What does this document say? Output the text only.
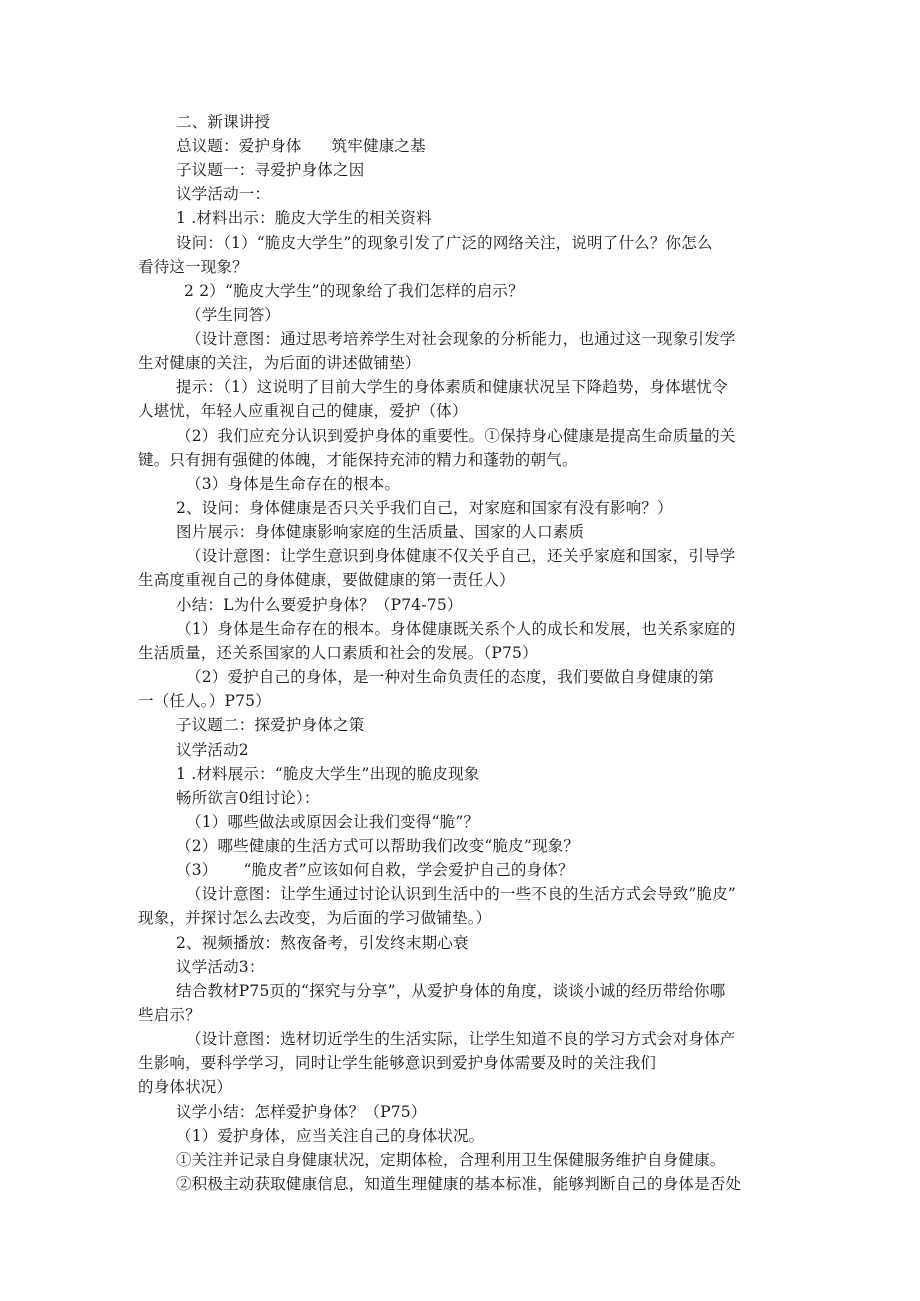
二、新课讲授
总议题：爱护身体 筑牢健康之基
子议题一：寻爱护身体之因
议学活动一：
1 .材料出示：脆皮大学生的相关资料
设问：（1）“脆皮大学生”的现象引发了广泛的网络关注，说明了什么？你怎么
看待这一现象？
2 2）“脆皮大学生”的现象给了我们怎样的启示？
（学生同答）
（设计意图：通过思考培养学生对社会现象的分析能力，也通过这一现象引发学
生对健康的关注，为后面的讲述做铺垫）
提示：（1）这说明了目前大学生的身体素质和健康状况呈下降趋势，身体堪忧令
人堪忧，年轻人应重视自己的健康，爱护（体）
（2）我们应充分认识到爱护身体的重要性。①保持身心健康是提高生命质量的关
键。只有拥有强健的体魄，才能保持充沛的精力和蓬勃的朝气。
（3）身体是生命存在的根本。
2、设问：身体健康是否只关乎我们自己，对家庭和国家有没有影响？）
图片展示：身体健康影响家庭的生活质量、国家的人口素质
（设计意图：让学生意识到身体健康不仅关乎自己，还关乎家庭和国家，引导学
生高度重视自己的身体健康，要做健康的第一责任人）
小结：L为什么要爱护身体？（P74-75）
（1）身体是生命存在的根本。身体健康既关系个人的成长和发展，也关系家庭的
生活质量，还关系国家的人口素质和社会的发展。（P75）
（2）爱护自己的身体，是一种对生命负责任的态度，我们要做自身健康的第
一（任人。）P75）
子议题二：探爱护身体之策
议学活动2
1 .材料展示：“脆皮大学生”出现的脆皮现象
畅所欲言0组讨论）：
（1）哪些做法或原因会让我们变得“脆”？
（2）哪些健康的生活方式可以帮助我们改变“脆皮”现象？
（3） “脆皮者”应该如何自救，学会爱护自己的身体？
（设计意图：让学生通过讨论认识到生活中的一些不良的生活方式会导致”脆皮”
现象，并探讨怎么去改变，为后面的学习做铺垫。）
2、视频播放：熬夜备考，引发终末期心衰
议学活动3：
结合教材P75页的“探究与分享”，从爱护身体的角度，谈谈小诚的经历带给你哪
些启示？
（设计意图：选材切近学生的生活实际，让学生知道不良的学习方式会对身体产
生影响，要科学学习，同时让学生能够意识到爱护身体需要及时的关注我们
的身体状况）
议学小结：怎样爱护身体？（P75）
（1）爱护身体，应当关注自己的身体状况。
①关注并记录自身健康状况，定期体检，合理利用卫生保健服务维护自身健康。
②积极主动获取健康信息，知道生理健康的基本标准，能够判断自己的身体是否处
